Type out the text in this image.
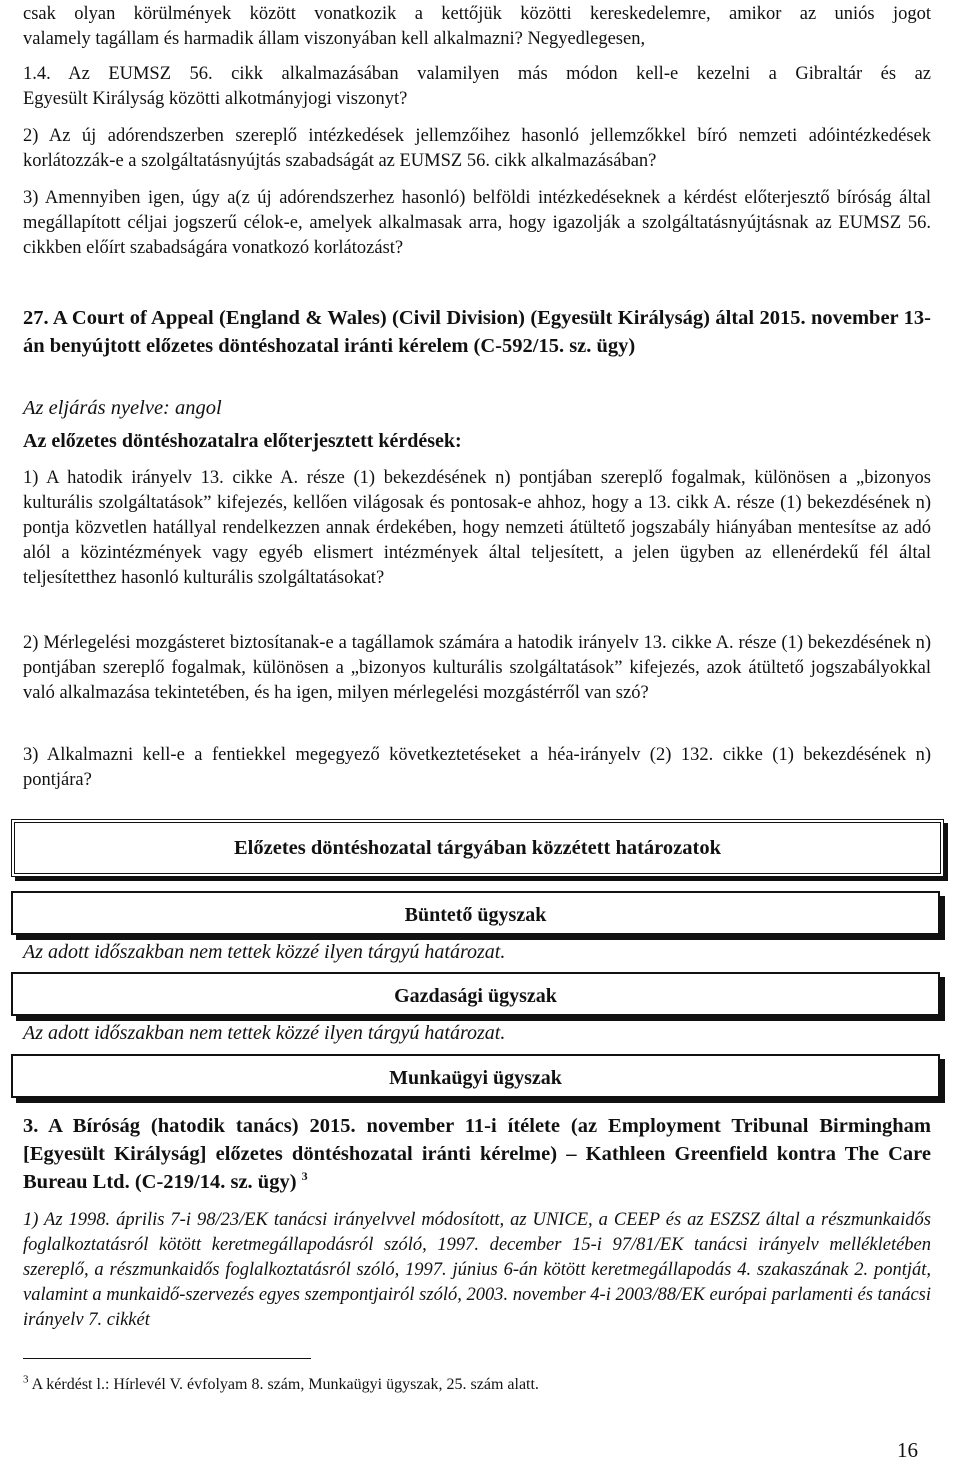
csak olyan körülmények között vonatkozik a kettőjük közötti kereskedelemre, amikor az uniós jogot
valamely tagállam és harmadik állam viszonyában kell alkalmazni? Negyedlegesen,
1.4. Az EUMSZ 56. cikk alkalmazásában valamilyen más módon kell-e kezelni a Gibraltár és az
Egyesült Királyság közötti alkotmányjogi viszonyt?
2) Az új adórendszerben szereplő intézkedések jellemzőihez hasonló jellemzőkkel bíró nemzeti adóintézkedések korlátozzák-e a szolgáltatásnyújtás szabadságát az EUMSZ 56. cikk alkalmazásában?
3) Amennyiben igen, úgy a(z új adórendszerhez hasonló) belföldi intézkedéseknek a kérdést előterjesztő bíróság által megállapított céljai jogszerű célok-e, amelyek alkalmasak arra, hogy igazolják a szolgáltatásnyújtásnak az EUMSZ 56. cikkben előírt szabadságára vonatkozó korlátozást?
27. A Court of Appeal (England & Wales) (Civil Division) (Egyesült Királyság) által 2015. november 13-án benyújtott előzetes döntéshozatal iránti kérelem (C-592/15. sz. ügy)
Az eljárás nyelve: angol
Az előzetes döntéshozatalra előterjesztett kérdések:
1) A hatodik irányelv 13. cikke A. része (1) bekezdésének n) pontjában szereplő fogalmak, különösen a „bizonyos kulturális szolgáltatások” kifejezés, kellően világosak és pontosak-e ahhoz, hogy a 13. cikk A. része (1) bekezdésének n) pontja közvetlen hatállyal rendelkezzen annak érdekében, hogy nemzeti átültető jogszabály hiányában mentesítse az adó alól a közintézmények vagy egyéb elismert intézmények által teljesített, a jelen ügyben az ellenérdekű fél által teljesítetthez hasonló kulturális szolgáltatásokat?
2) Mérlegelési mozgásteret biztosítanak-e a tagállamok számára a hatodik irányelv 13. cikke A. része (1) bekezdésének n) pontjában szereplő fogalmak, különösen a „bizonyos kulturális szolgáltatások” kifejezés, azok átültető jogszabályokkal való alkalmazása tekintetében, és ha igen, milyen mérlegelési mozgástérről van szó?
3) Alkalmazni kell-e a fentiekkel megegyező következtetéseket a héa-irányelv (2) 132. cikke (1) bekezdésének n) pontjára?
Előzetes döntéshozatal tárgyában közzétett határozatok
Büntető ügyszak
Az adott időszakban nem tettek közzé ilyen tárgyú határozat.
Gazdasági ügyszak
Az adott időszakban nem tettek közzé ilyen tárgyú határozat.
Munkaügyi ügyszak
3. A Bíróság (hatodik tanács) 2015. november 11-i ítélete (az Employment Tribunal Birmingham [Egyesült Királyság] előzetes döntéshozatal iránti kérelme) – Kathleen Greenfield kontra The Care Bureau Ltd. (C-219/14. sz. ügy) $^3$
1) Az 1998. április 7-i 98/23/EK tanácsi irányelvvel módosított, az UNICE, a CEEP és az ESZSZ által a részmunkaidős foglalkoztatásról kötött keretmegállapodásról szóló, 1997. december 15-i 97/81/EK tanácsi irányelv mellékletében szereplő, a részmunkaidős foglalkoztatásról szóló, 1997. június 6-án kötött keretmegállapodás 4. szakaszának 2. pontját, valamint a munkaidő-szervezés egyes szempontjairól szóló, 2003. november 4-i 2003/88/EK európai parlamenti és tanácsi irányelv 7. cikkét
$^3$ A kérdést l.: Hírlevél V. évfolyam 8. szám, Munkaügyi ügyszak, 25. szám alatt.
16
